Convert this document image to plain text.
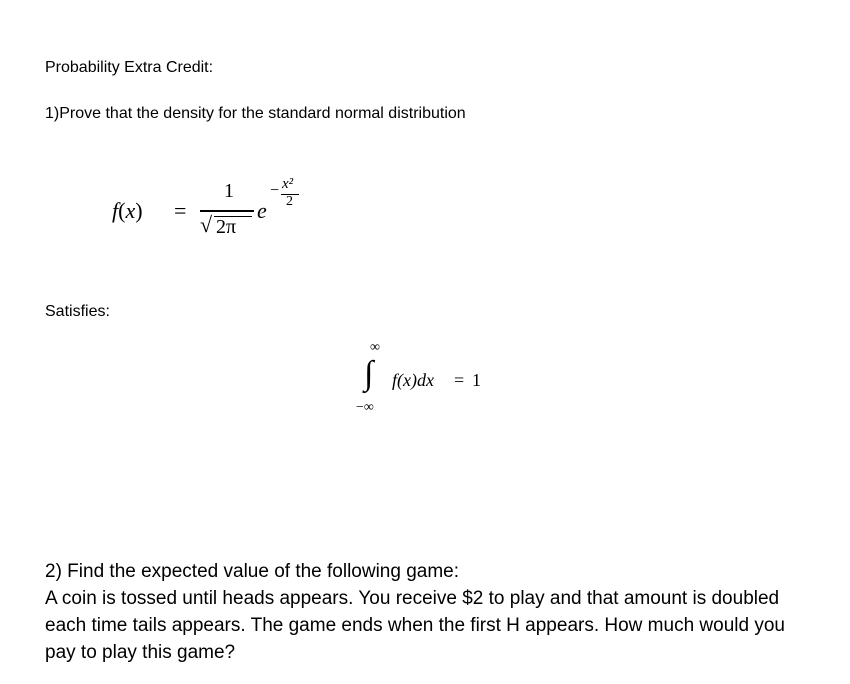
Probability Extra Credit:
1)Prove that the density for the standard normal distribution
f(x) =
1
√ 2π
e
− x²
2
Satisfies:
∞
∫
−∞
f(x)dx = 1
2) Find the expected value of the following game:
A coin is tossed until heads appears. You receive $2 to play and that amount is doubled each time tails appears. The game ends when the first H appears. How much would you pay to play this game?
